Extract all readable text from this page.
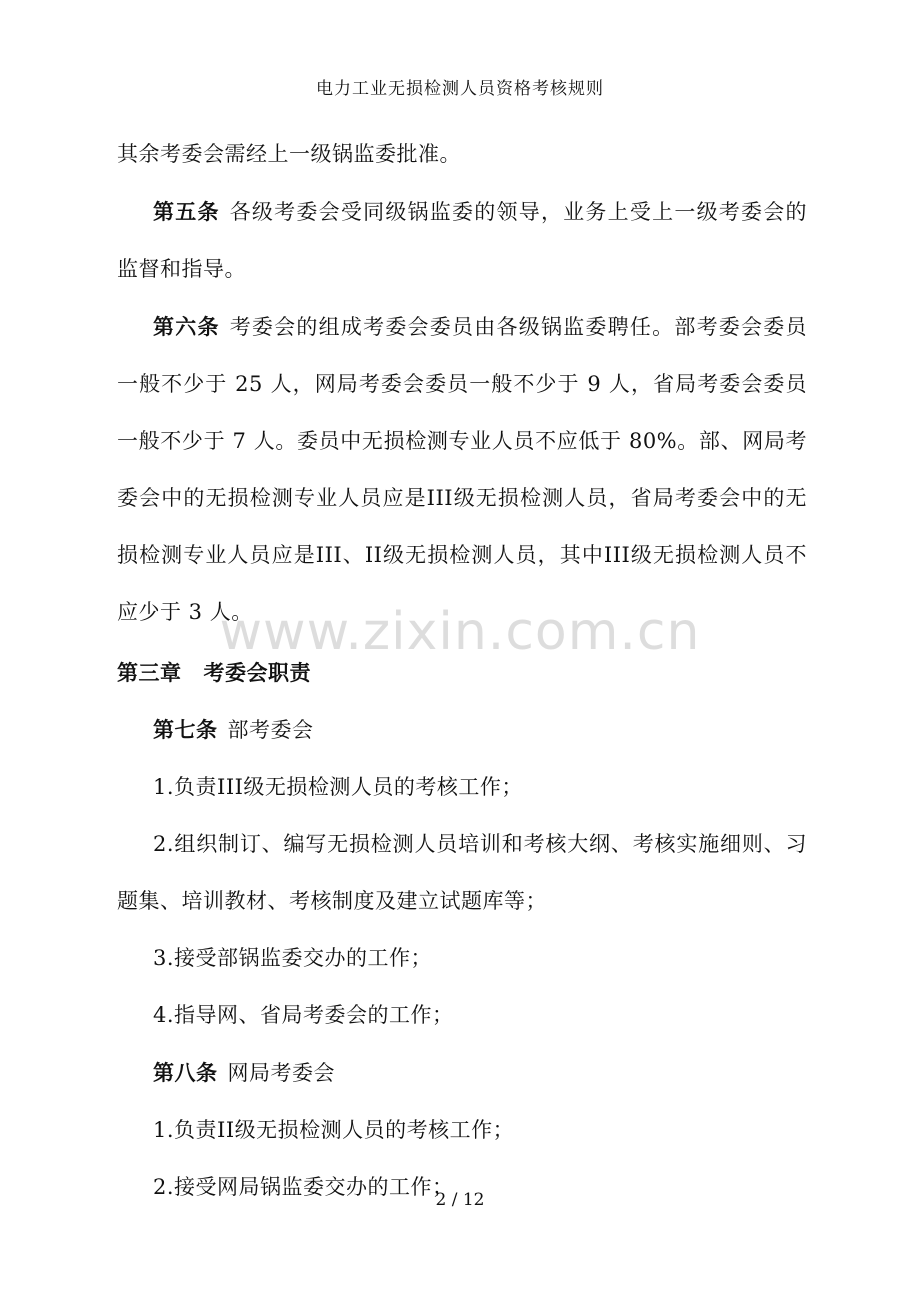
电力工业无损检测人员资格考核规则

其余考委会需经上一级锅监委批准。

第五条 各级考委会受同级锅监委的领导，业务上受上一级考委会的监督和指导。

第六条 考委会的组成考委会委员由各级锅监委聘任。部考委会委员一般不少于 25 人，网局考委会委员一般不少于 9 人，省局考委会委员一般不少于 7 人。委员中无损检测专业人员不应低于 80%。部、网局考委会中的无损检测专业人员应是III级无损检测人员，省局考委会中的无损检测专业人员应是III、II级无损检测人员，其中III级无损检测人员不应少于 3 人。

第三章 考委会职责

第七条 部考委会

1.负责III级无损检测人员的考核工作；

2.组织制订、编写无损检测人员培训和考核大纲、考核实施细则、习题集、培训教材、考核制度及建立试题库等；

3.接受部锅监委交办的工作；

4.指导网、省局考委会的工作；

第八条 网局考委会

1.负责II级无损检测人员的考核工作；

2.接受网局锅监委交办的工作；

www.zixin.com.cn
2 / 12
